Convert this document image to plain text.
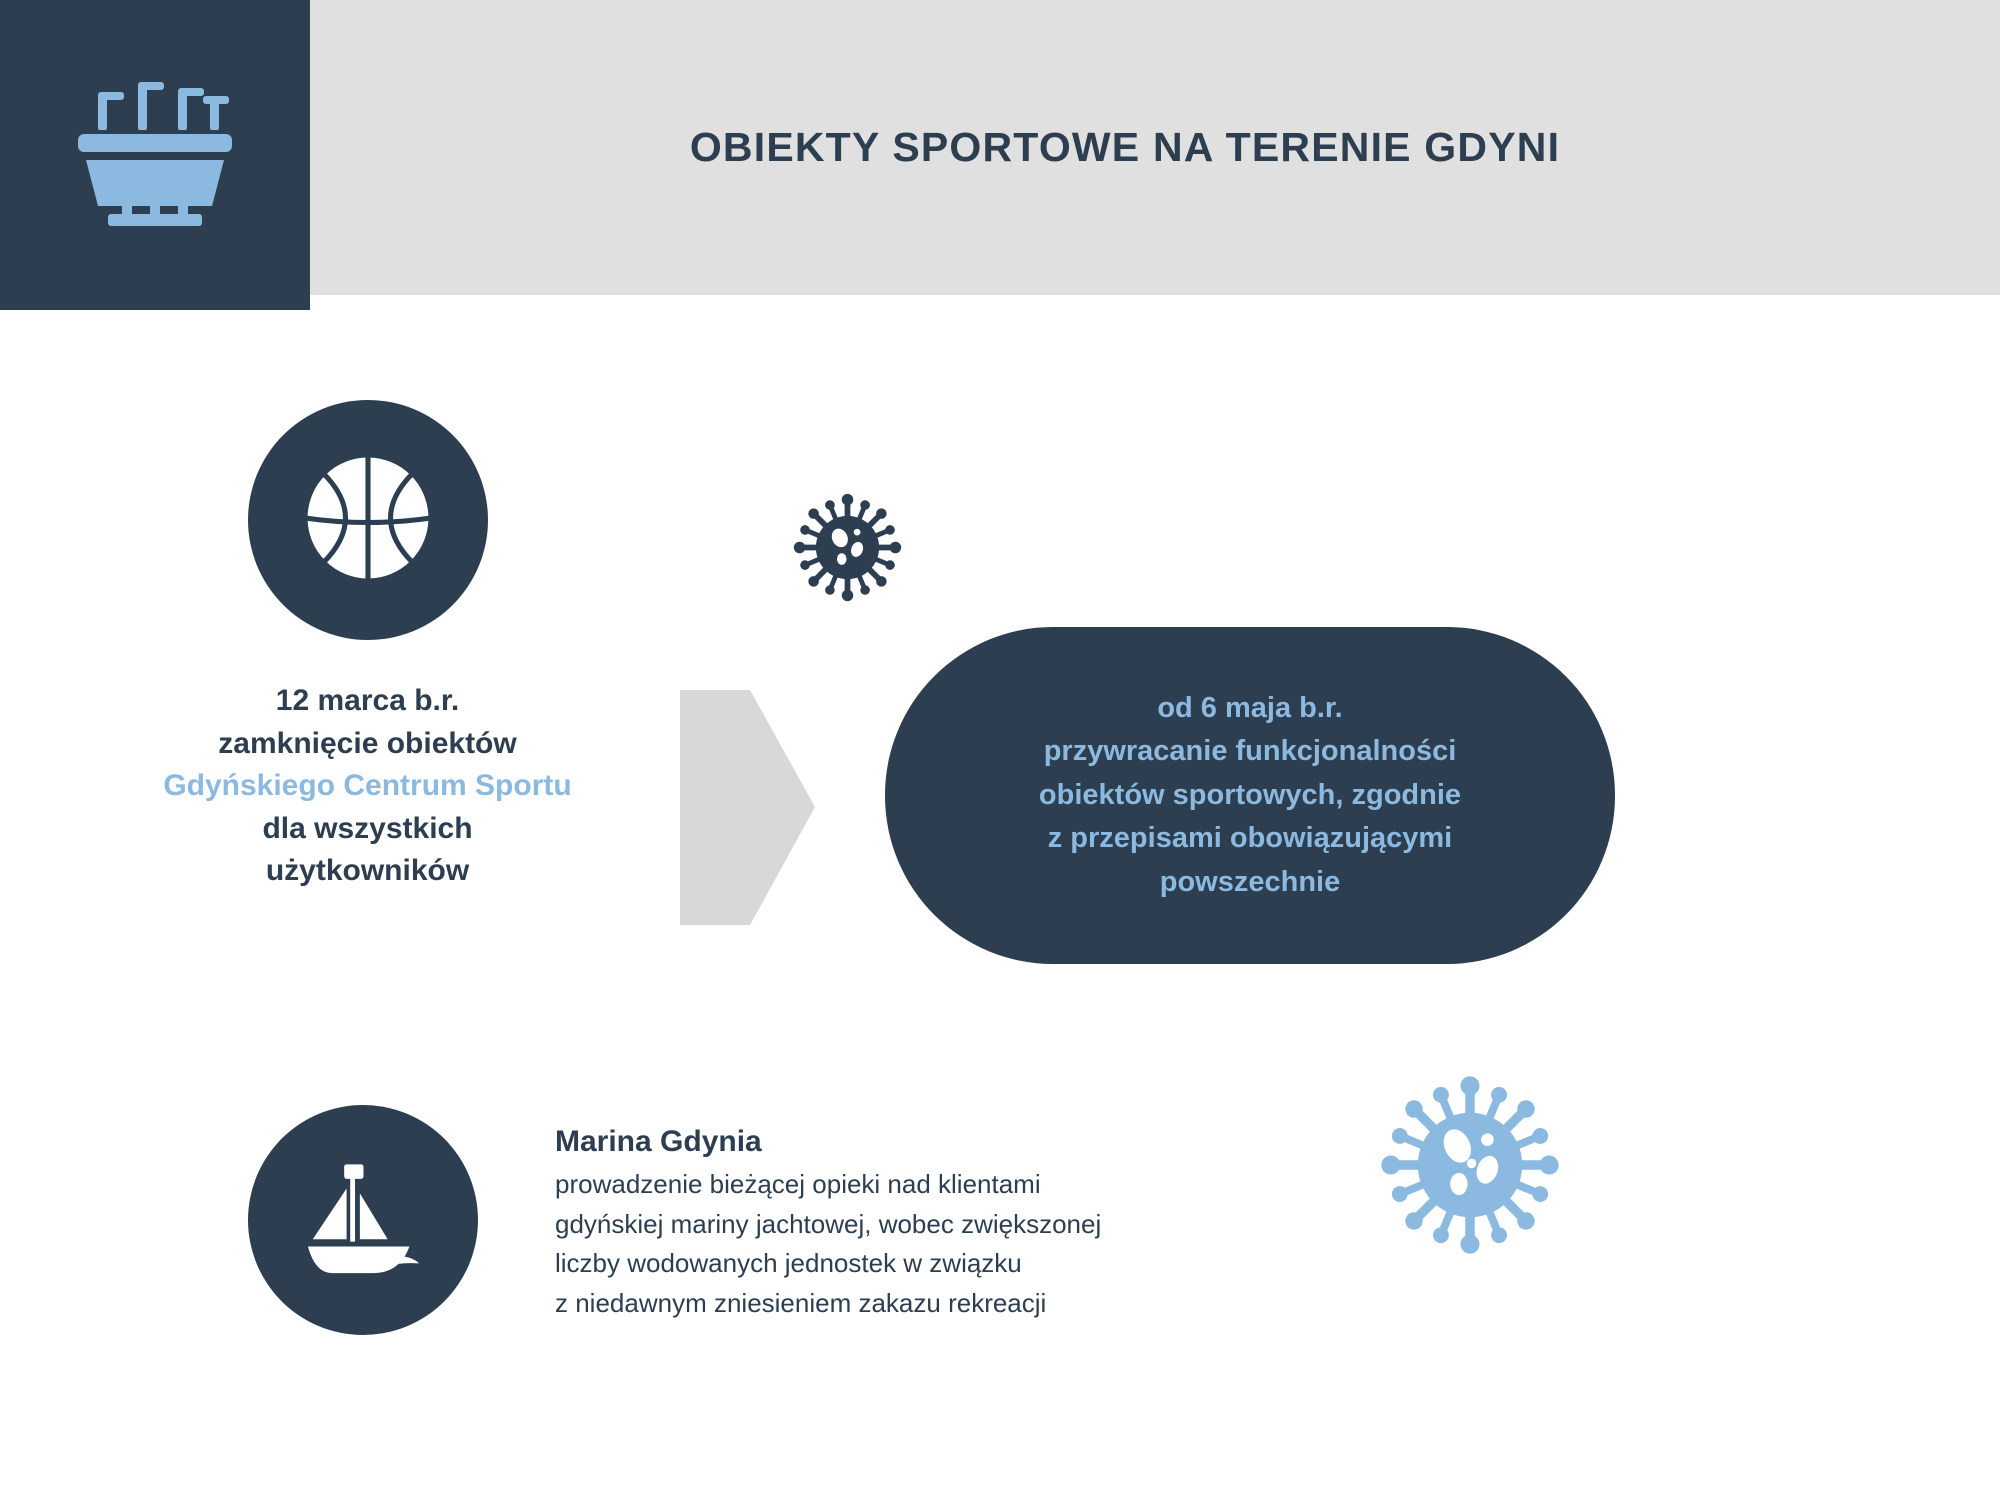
OBIEKTY SPORTOWE NA TERENIE GDYNI
12 marca b.r.
zamknięcie obiektów
Gdyńskiego Centrum Sportu
dla wszystkich
użytkowników
od 6 maja b.r.
przywracanie funkcjonalności
obiektów sportowych, zgodnie
z przepisami obowiązującymi
powszechnie
Marina Gdynia
prowadzenie bieżącej opieki nad klientami
gdyńskiej mariny jachtowej, wobec zwiększonej
liczby wodowanych jednostek w związku
z niedawnym zniesieniem zakazu rekreacji
